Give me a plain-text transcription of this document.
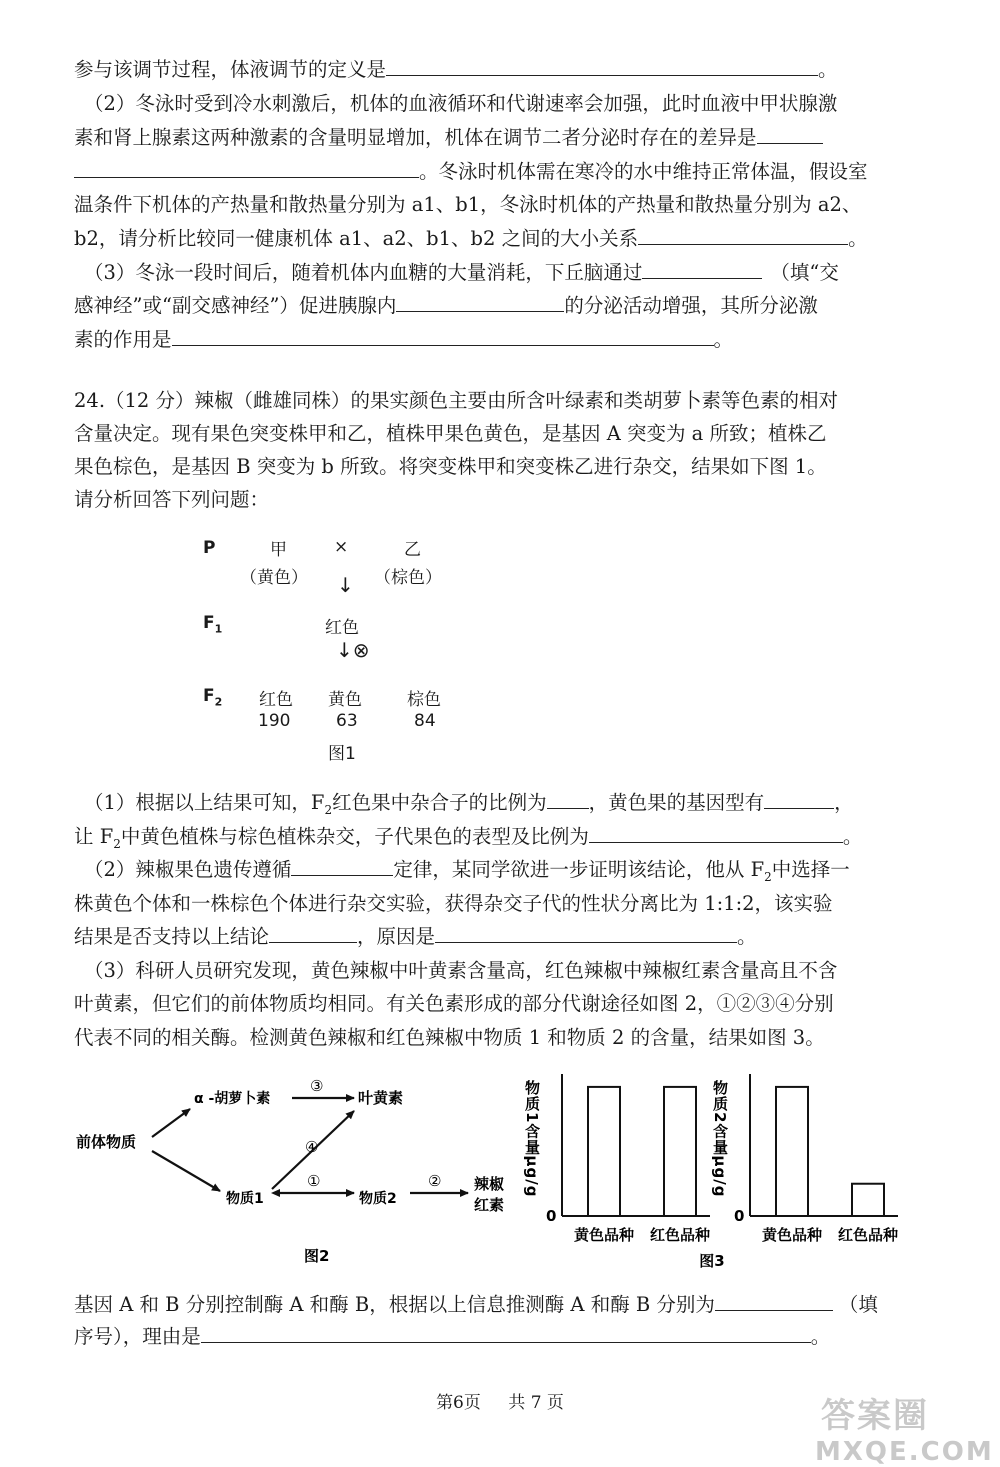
参与该调节过程，体液调节的定义是	。
（2）冬泳时受到冷水刺激后，机体的血液循环和代谢速率会加强，此时血液中甲状腺激
素和肾上腺素这两种激素的含量明显增加，机体在调节二者分泌时存在的差异是
。冬泳时机体需在寒冷的水中维持正常体温，假设室
温条件下机体的产热量和散热量分别为 a1、b1，冬泳时机体的产热量和散热量分别为 a2、
b2，请分析比较同一健康机体 a1、a2、b1、b2 之间的大小关系	。
（3）冬泳一段时间后，随着机体内血糖的大量消耗，下丘脑通过	（填“交
感神经”或“副交感神经”）促进胰腺内	的分泌活动增强，其所分泌激
素的作用是	。
24.（12 分）辣椒（雌雄同株）的果实颜色主要由所含叶绿素和类胡萝卜素等色素的相对
含量决定。现有果色突变株甲和乙，植株甲果色黄色，是基因 A 突变为 a 所致；植株乙
果色棕色，是基因 B 突变为 b 所致。将突变株甲和突变株乙进行杂交，结果如下图 1。
请分析回答下列问题：
P	甲	×	乙
（黄色）	（棕色）
↓
$F_1$	红色
↓⊗
$F_2$ 红色 黄色	棕色
190	63	84
图1
（1）根据以上结果可知，$F_2$红色果中杂合子的比例为 ，黄色果的基因型有	，
让 $F_2$中黄色植株与棕色植株杂交，子代果色的表型及比例为	。
（2）辣椒果色遗传遵循	定律，某同学欲进一步证明该结论，他从 $F_2$中选择一
株黄色个体和一株棕色个体进行杂交实验，获得杂交子代的性状分离比为 1:1:2，该实验
结果是否支持以上结论	，原因是	。
（3）科研人员研究发现，黄色辣椒中叶黄素含量高，红色辣椒中辣椒红素含量高且不含
叶黄素，但它们的前体物质均相同。有关色素形成的部分代谢途径如图 2，①②③④分别
代表不同的相关酶。检测黄色辣椒和红色辣椒中物质 1 和物质 2 的含量，结果如图 3。
前体物质
α -胡萝卜素	叶黄素
物质1	物质2
辣椒
红素
③
④
①	②
图2
物质1含量μg/g
0
黄色品种 红色品种
物质2含量μg/g
0
黄色品种 红色品种
图3
基因 A 和 B 分别控制酶 A 和酶 B，根据以上信息推测酶 A 和酶 B 分别为	（填
序号），理由是	。
第6页 共 7 页	答案圈
MXQE.COM
